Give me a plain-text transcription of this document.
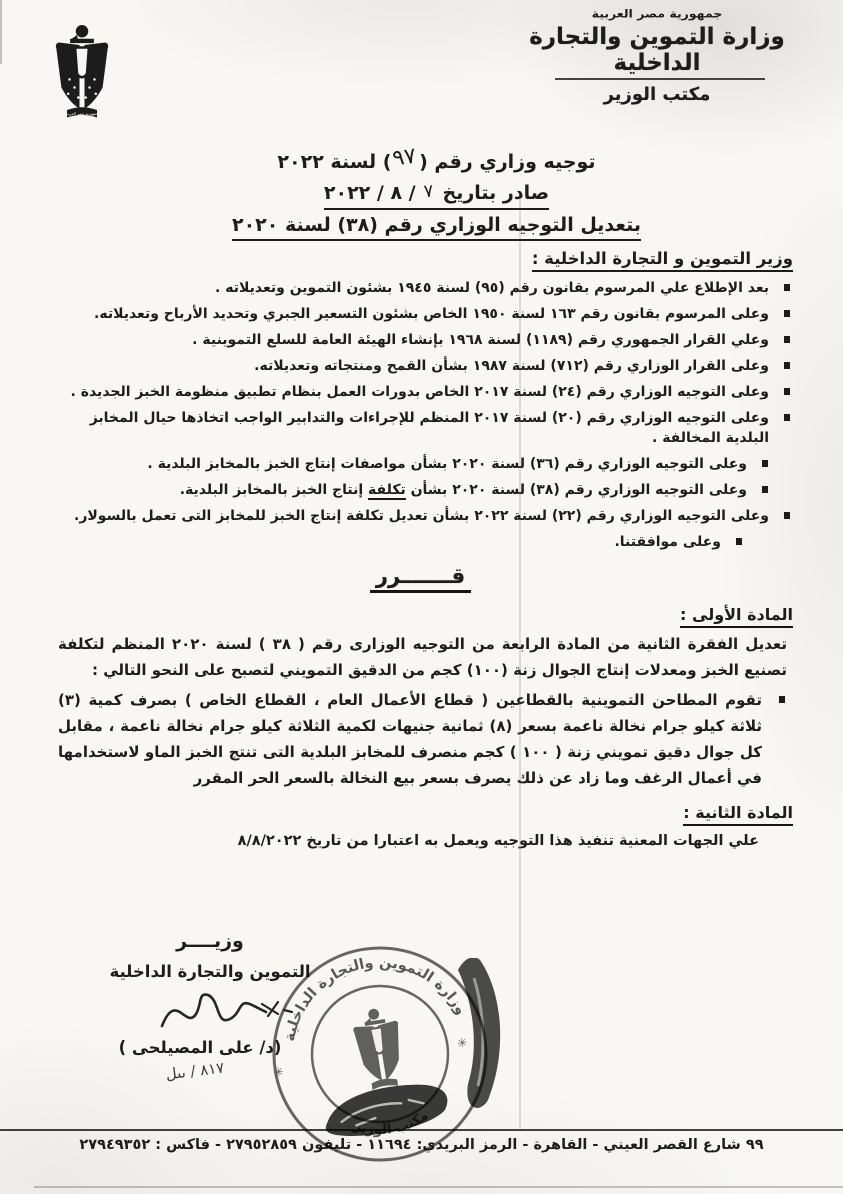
جمهورية مصر العربية
جمهورية مصر العربية
وزارة التموين والتجارة الداخلية
مكتب الوزير
توجيه وزاري رقم (٩٧) لسنة ٢٠٢٢
صادر بتاريخ ٧ / ٨ / ٢٠٢٢
بتعديل التوجيه الوزاري رقم (٣٨) لسنة ٢٠٢٠
وزير التموين و التجارة الداخلية :
بعد الإطلاع علي المرسوم بقانون رقم (٩٥) لسنة ١٩٤٥ بشئون التموين وتعديلاته .
وعلى المرسوم بقانون رقم ١٦٣ لسنة ١٩٥٠ الخاص بشئون التسعير الجبري وتحديد الأرباح وتعديلاته.
وعلي القرار الجمهوري رقم (١١٨٩) لسنة ١٩٦٨ بإنشاء الهيئة العامة للسلع التموينية .
وعلى القرار الوزاري رقم (٧١٢) لسنة ١٩٨٧ بشأن القمح ومنتجاته وتعديلاته.
وعلى التوجيه الوزاري رقم (٢٤) لسنة ٢٠١٧ الخاص بدورات العمل بنظام تطبيق منظومة الخبز الجديدة .
وعلى التوجيه الوزاري رقم (٢٠) لسنة ٢٠١٧ المنظم للإجراءات والتدابير الواجب اتخاذها حيال المخابز البلدية المخالفة .
وعلى التوجيه الوزاري رقم (٣٦) لسنة ٢٠٢٠ بشأن مواصفات إنتاج الخبز بالمخابز البلدية .
وعلى التوجيه الوزاري رقم (٣٨) لسنة ٢٠٢٠ بشأن تكلفة إنتاج الخبز بالمخابز البلدية.
وعلى التوجيه الوزاري رقم (٢٢) لسنة ٢٠٢٢ بشأن تعديل تكلفة إنتاج الخبز للمخابز التى تعمل بالسولار.
وعلى موافقتنا.
قـــــــرر
المادة الأولى :
تعديل الفقرة الثانية من المادة الرابعة من التوجيه الوزارى رقم ( ٣٨ ) لسنة ٢٠٢٠ المنظم لتكلفة تصنيع الخبز ومعدلات إنتاج الجوال زنة (١٠٠) كجم من الدقيق التمويني لتصبح على النحو التالي :
تقوم المطاحن التموينية بالقطاعين ( قطاع الأعمال العام ، القطاع الخاص ) بصرف كمية (٣) ثلاثة كيلو جرام نخالة ناعمة بسعر (٨) ثمانية جنيهات لكمية الثلاثة كيلو جرام نخالة ناعمة ، مقابل كل جوال دقيق تمويني زنة ( ١٠٠ ) كجم منصرف للمخابز البلدية التى تنتج الخبز الماو لاستخدامها في أعمال الرغف وما زاد عن ذلك يصرف بسعر بيع النخالة بالسعر الحر المقرر
المادة الثانية :
علي الجهات المعنية تنفيذ هذا التوجيه ويعمل به اعتبارا من تاريخ ٨/٨/٢٠٢٢
وزيــــر
التموين والتجارة الداخلية
(د/ على المصيلحى )
٨١٧ / ىىل
وزارة التموين والتجارة الداخلية
✳
✳
٩٩ شارع القصر العيني - القاهرة - الرمز البريدي: ١١٦٩٤ - تليفون ٢٧٩٥٢٨٥٩ - فاكس : ٢٧٩٤٩٣٥٢
